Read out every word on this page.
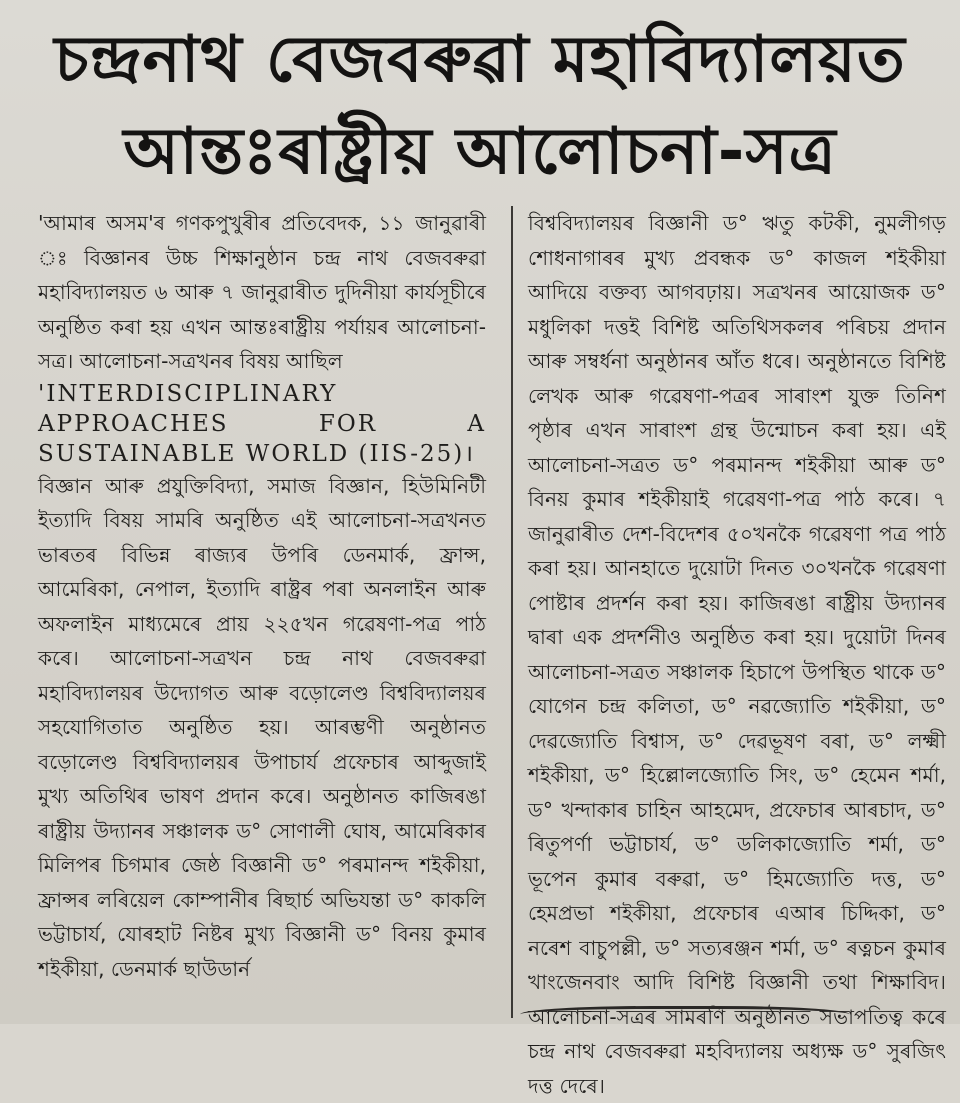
চন্দ্ৰনাথ বেজবৰুৱা মহাবিদ্যালয়ত
আন্তঃৰাষ্ট্ৰীয় আলোচনা-সত্ৰ

'আমাৰ অসম'ৰ গণকপুখুৰীৰ প্ৰতিবেদক, ১১ জানুৱাৰী ঃ বিজ্ঞানৰ উচ্চ শিক্ষানুষ্ঠান চন্দ্ৰ নাথ বেজবৰুৱা মহাবিদ্যালয়ত ৬ আৰু ৭ জানুৱাৰীত দুদিনীয়া কাৰ্যসূচীৰে অনুষ্ঠিত কৰা হয় এখন আন্তঃৰাষ্ট্ৰীয় পৰ্যায়ৰ আলোচনা-সত্ৰ। আলোচনা-সত্ৰখনৰ বিষয় আছিল

'INTERDISCIPLINARY APPROACHES FOR A SUSTAINABLE WORLD (IIS-25)।

বিজ্ঞান আৰু প্ৰযুক্তিবিদ্যা, সমাজ বিজ্ঞান, হিউমিনিটী ইত্যাদি বিষয় সামৰি অনুষ্ঠিত এই আলোচনা-সত্ৰখনত ভাৰতৰ বিভিন্ন ৰাজ্যৰ উপৰি ডেনমাৰ্ক, ফ্ৰান্স, আমেৰিকা, নেপাল, ইত্যাদি ৰাষ্ট্ৰৰ পৰা অনলাইন আৰু অফলাইন মাধ্যমেৰে প্ৰায় ২২৫খন গৱেষণা-পত্ৰ পাঠ কৰে। আলোচনা-সত্ৰখন চন্দ্ৰ নাথ বেজবৰুৱা মহাবিদ্যালয়ৰ উদ্যোগত আৰু বড়োলেণ্ড বিশ্ববিদ্যালয়ৰ সহযোগিতাত অনুষ্ঠিত হয়। আৰম্ভণী অনুষ্ঠানত বড়োলেণ্ড বিশ্ববিদ্যালয়ৰ উপাচাৰ্য প্ৰফেচাৰ আব্দুজাই মুখ্য অতিথিৰ ভাষণ প্ৰদান কৰে। অনুষ্ঠানত কাজিৰঙা ৰাষ্ট্ৰীয় উদ্যানৰ সঞ্চালক ড° সোণালী ঘোষ, আমেৰিকাৰ মিলিপৰ চিগমাৰ জেষ্ঠ বিজ্ঞানী ড° পৰমানন্দ শইকীয়া, ফ্ৰান্সৰ লৰিয়েল কোম্পানীৰ ৰিছাৰ্চ অভিযন্তা ড° কাকলি ভট্টাচাৰ্য, যোৰহাট নিষ্টৰ মুখ্য বিজ্ঞানী ড° বিনয় কুমাৰ শইকীয়া, ডেনমাৰ্ক ছাউডাৰ্ন

বিশ্ববিদ্যালয়ৰ বিজ্ঞানী ড° ঋতু কটকী, নুমলীগড় শোধনাগাৰৰ মুখ্য প্ৰবন্ধক ড° কাজল শইকীয়া আদিয়ে বক্তব্য আগবঢ়ায়। সত্ৰখনৰ আয়োজক ড° মধুলিকা দত্তই বিশিষ্ট অতিথিসকলৰ পৰিচয় প্ৰদান আৰু সম্বৰ্ধনা অনুষ্ঠানৰ আঁত ধৰে। অনুষ্ঠানতে বিশিষ্ট লেখক আৰু গৱেষণা-পত্ৰৰ সাৰাংশ যুক্ত তিনিশ পৃষ্ঠাৰ এখন সাৰাংশ গ্ৰন্থ উন্মোচন কৰা হয়। এই আলোচনা-সত্ৰত ড° পৰমানন্দ শইকীয়া আৰু ড° বিনয় কুমাৰ শইকীয়াই গৱেষণা-পত্ৰ পাঠ কৰে। ৭ জানুৱাৰীত দেশ-বিদেশৰ ৫০খনকৈ গৱেষণা পত্ৰ পাঠ কৰা হয়। আনহাতে দুয়োটা দিনত ৩০খনকৈ গৱেষণা পোষ্টাৰ প্ৰদৰ্শন কৰা হয়। কাজিৰঙা ৰাষ্ট্ৰীয় উদ্যানৰ দ্বাৰা এক প্ৰদৰ্শনীও অনুষ্ঠিত কৰা হয়। দুয়োটা দিনৰ আলোচনা-সত্ৰত সঞ্চালক হিচাপে উপস্থিত থাকে ড° যোগেন চন্দ্ৰ কলিতা, ড° নৱজ্যোতি শইকীয়া, ড° দেৱজ্যোতি বিশ্বাস, ড° দেৱভূষণ বৰা, ড° লক্ষ্মী শইকীয়া, ড° হিল্লোলজ্যোতি সিং, ড° হেমেন শৰ্মা, ড° খন্দাকাৰ চাহিন আহমেদ, প্ৰফেচাৰ আৰচাদ, ড° ৰিতুপৰ্ণা ভট্টাচাৰ্য, ড° ডলিকাজ্যোতি শৰ্মা, ড° ভূপেন কুমাৰ বৰুৱা, ড° হিমজ্যোতি দত্ত, ড° হেমপ্ৰভা শইকীয়া, প্ৰফেচাৰ এআৰ চিদ্দিকা, ড° নৰেশ বাচুপল্লী, ড° সত্যৰঞ্জন শৰ্মা, ড° ৰত্নচন কুমাৰ খাংজেনবাং আদি বিশিষ্ট বিজ্ঞানী তথা শিক্ষাবিদ। আলোচনা-সত্ৰৰ সামৰণি অনুষ্ঠানত সভাপতিত্ব কৰে চন্দ্ৰ নাথ বেজবৰুৱা মহবিদ্যালয় অধ্যক্ষ ড° সুৰজিৎ দত্ত দেৰে।
